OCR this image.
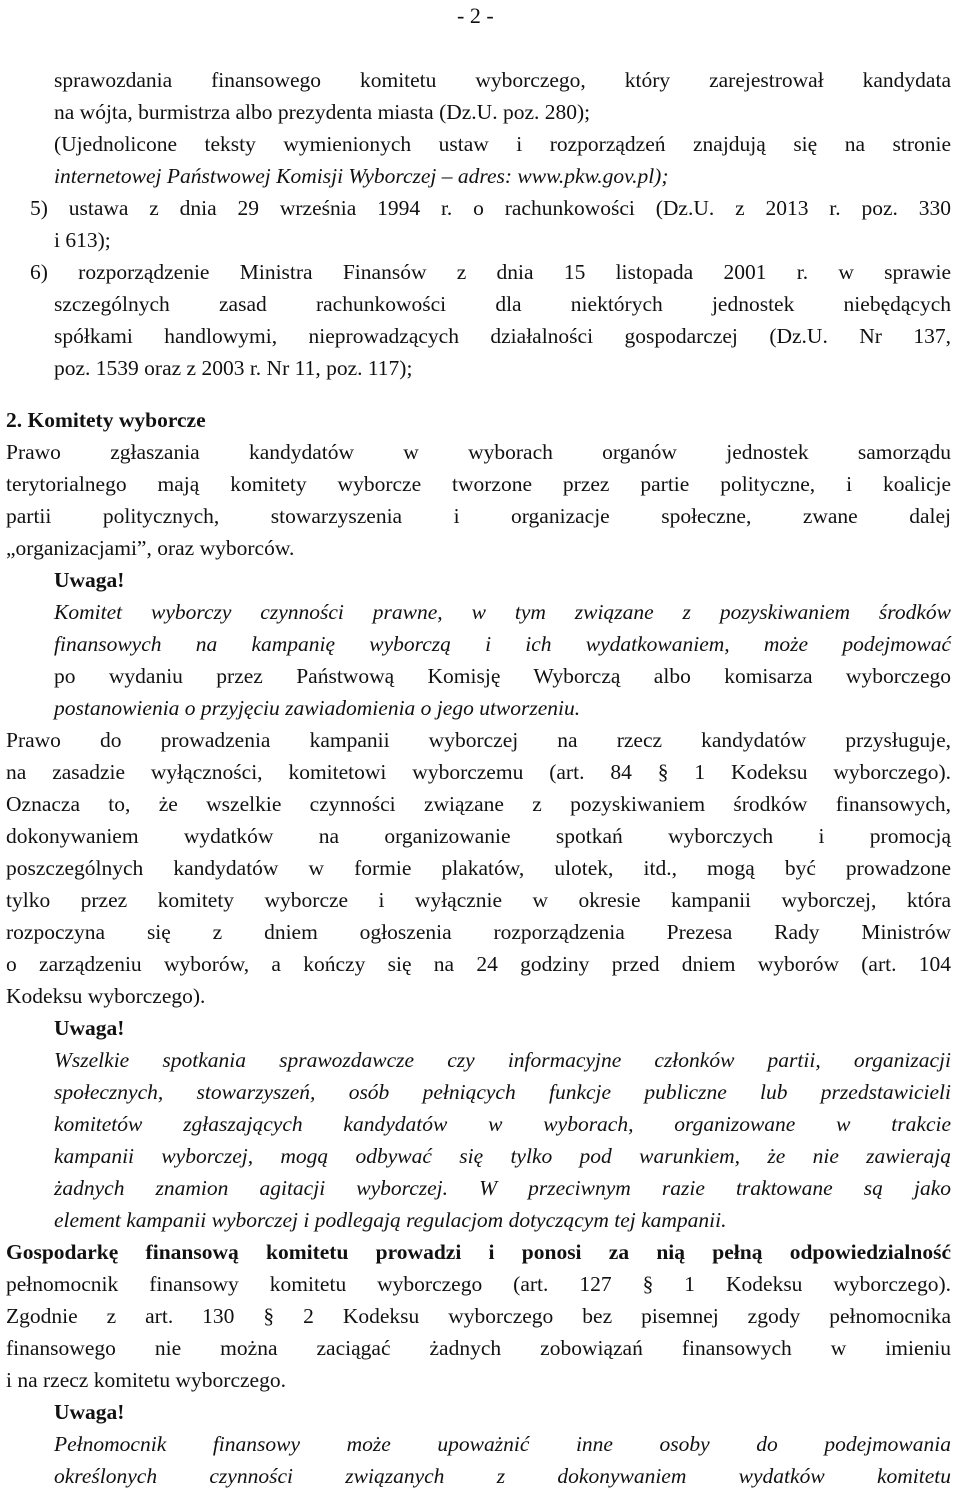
- 2 -
sprawozdania finansowego komitetu wyborczego, który zarejestrował kandydata
na wójta, burmistrza albo prezydenta miasta (Dz.U. poz. 280);
(Ujednolicone teksty wymienionych ustaw i rozporządzeń znajdują się na stronie
internetowej Państwowej Komisji Wyborczej – adres: www.pkw.gov.pl);
5) ustawa z dnia 29 września 1994 r. o rachunkowości (Dz.U. z 2013 r. poz. 330
i 613);
6) rozporządzenie Ministra Finansów z dnia 15 listopada 2001 r. w sprawie
szczególnych zasad rachunkowości dla niektórych jednostek niebędących
spółkami handlowymi, nieprowadzących działalności gospodarczej (Dz.U. Nr 137,
poz. 1539 oraz z 2003 r. Nr 11, poz. 117);
2. Komitety wyborcze
Prawo zgłaszania kandydatów w wyborach organów jednostek samorządu
terytorialnego mają komitety wyborcze tworzone przez partie polityczne, i koalicje
partii politycznych, stowarzyszenia i organizacje społeczne, zwane dalej
„organizacjami”, oraz wyborców.
Uwaga!
Komitet wyborczy czynności prawne, w tym związane z pozyskiwaniem środków
finansowych na kampanię wyborczą i ich wydatkowaniem, może podejmować
po wydaniu przez Państwową Komisję Wyborczą albo komisarza wyborczego
postanowienia o przyjęciu zawiadomienia o jego utworzeniu.
Prawo do prowadzenia kampanii wyborczej na rzecz kandydatów przysługuje,
na zasadzie wyłączności, komitetowi wyborczemu (art. 84 § 1 Kodeksu wyborczego).
Oznacza to, że wszelkie czynności związane z pozyskiwaniem środków finansowych,
dokonywaniem wydatków na organizowanie spotkań wyborczych i promocją
poszczególnych kandydatów w formie plakatów, ulotek, itd., mogą być prowadzone
tylko przez komitety wyborcze i wyłącznie w okresie kampanii wyborczej, która
rozpoczyna się z dniem ogłoszenia rozporządzenia Prezesa Rady Ministrów
o zarządzeniu wyborów, a kończy się na 24 godziny przed dniem wyborów (art. 104
Kodeksu wyborczego).
Uwaga!
Wszelkie spotkania sprawozdawcze czy informacyjne członków partii, organizacji
społecznych, stowarzyszeń, osób pełniących funkcje publiczne lub przedstawicieli
komitetów zgłaszających kandydatów w wyborach, organizowane w trakcie
kampanii wyborczej, mogą odbywać się tylko pod warunkiem, że nie zawierają
żadnych znamion agitacji wyborczej. W przeciwnym razie traktowane są jako
element kampanii wyborczej i podlegają regulacjom dotyczącym tej kampanii.
Gospodarkę finansową komitetu prowadzi i ponosi za nią pełną odpowiedzialność
pełnomocnik finansowy komitetu wyborczego (art. 127 § 1 Kodeksu wyborczego).
Zgodnie z art. 130 § 2 Kodeksu wyborczego bez pisemnej zgody pełnomocnika
finansowego nie można zaciągać żadnych zobowiązań finansowych w imieniu
i na rzecz komitetu wyborczego.
Uwaga!
Pełnomocnik finansowy może upoważnić inne osoby do podejmowania
określonych czynności związanych z dokonywaniem wydatków komitetu
